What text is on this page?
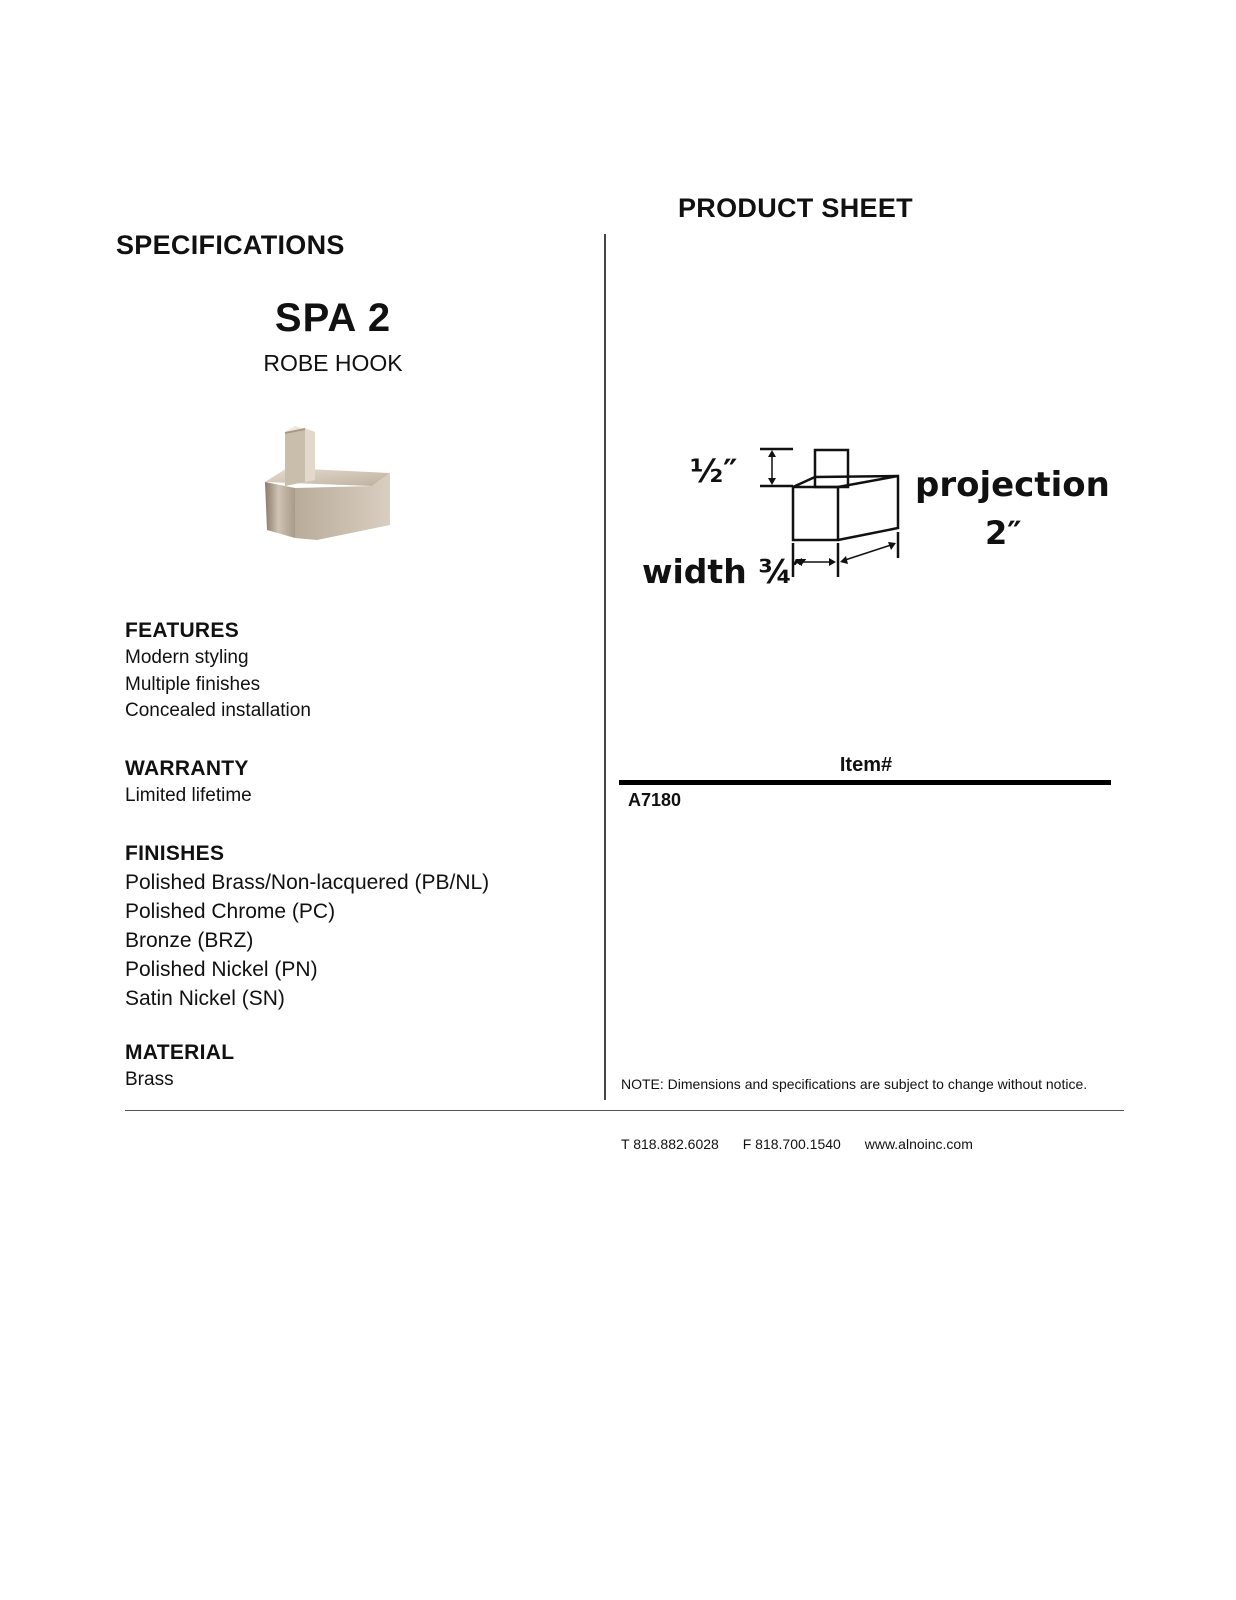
PRODUCT SHEET
SPECIFICATIONS
SPA 2
ROBE HOOK
FEATURES
Modern styling
Multiple finishes
Concealed installation
WARRANTY
Limited lifetime
FINISHES
Polished Brass/Non-lacquered (PB/NL)
Polished Chrome (PC)
Bronze (BRZ)
Polished Nickel (PN)
Satin Nickel (SN)
MATERIAL
Brass
½″	projection
2″
width ¾″
Item#
A7180
NOTE: Dimensions and specifications are subject to change without notice.
T 818.882.6028 F 818.700.1540 www.alnoinc.com
